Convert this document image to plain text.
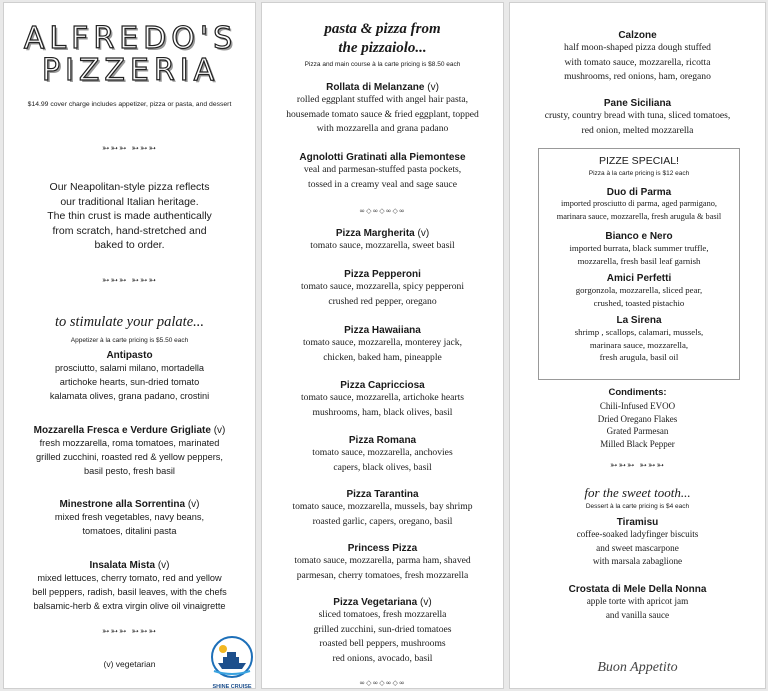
ALFREDO'S
PIZZERIA
$14.99 cover charge includes appetizer, pizza or pasta, and dessert
➳➳➳ ➳➳➳
Our Neapolitan-style pizza reflects
our traditional Italian heritage.
The thin crust is made authentically
from scratch, hand-stretched and
baked to order.
➳➳➳ ➳➳➳
to stimulate your palate...
Appetizer à la carte pricing is $5.50 each
Antipasto
prosciutto, salami milano, mortadella
artichoke hearts, sun-dried tomato
kalamata olives, grana padano, crostini
Mozzarella Fresca e Verdure Grigliate (v)
fresh mozzarella, roma tomatoes, marinated
grilled zucchini, roasted red & yellow peppers,
basil pesto, fresh basil
Minestrone alla Sorrentina (v)
mixed fresh vegetables, navy beans,
tomatoes, ditalini pasta
Insalata Mista (v)
mixed lettuces, cherry tomato, red and yellow
bell peppers, radish, basil leaves, with the chefs
balsamic-herb & extra virgin olive oil vinaigrette
➳➳➳ ➳➳➳
(v) vegetarian
SHINE CRUISE
pasta & pizza from
the pizzaiolo...
Pizza and main course à la carte pricing is $8.50 each
Rollata di Melanzane (v)
rolled eggplant stuffed with angel hair pasta,
housemade tomato sauce & fried eggplant, topped
with mozzarella and grana padano
Agnolotti Gratinati alla Piemontese
veal and parmesan-stuffed pasta pockets,
tossed in a creamy veal and sage sauce
∞◇∞◇∞◇∞
Pizza Margherita (v)
tomato sauce, mozzarella, sweet basil
Pizza Pepperoni
tomato sauce, mozzarella, spicy pepperoni
crushed red pepper, oregano
Pizza Hawaiiana
tomato sauce, mozzarella, monterey jack,
chicken, baked ham, pineapple
Pizza Capricciosa
tomato sauce, mozzarella, artichoke hearts
mushrooms, ham, black olives, basil
Pizza Romana
tomato sauce, mozzarella, anchovies
capers, black olives, basil
Pizza Tarantina
tomato sauce, mozzarella, mussels, bay shrimp
roasted garlic, capers, oregano, basil
Princess Pizza
tomato sauce, mozzarella, parma ham, shaved
parmesan, cherry tomatoes, fresh mozzarella
Pizza Vegetariana (v)
sliced tomatoes, fresh mozzarella
grilled zucchini, sun-dried tomatoes
roasted bell peppers, mushrooms
red onions, avocado, basil
∞◇∞◇∞◇∞
Calzone
half moon-shaped pizza dough stuffed
with tomato sauce, mozzarella, ricotta
mushrooms, red onions, ham, oregano
Pane Siciliana
crusty, country bread with tuna, sliced tomatoes,
red onion, melted mozzarella
PIZZE SPECIAL!
Pizza à la carte pricing is $12 each
Duo di Parma
imported prosciutto di parma, aged parmigano,
marinara sauce, mozzarella, fresh arugula & basil
Bianco e Nero
imported burrata, black summer truffle,
mozzarella, fresh basil leaf garnish
Amici Perfetti
gorgonzola, mozzarella, sliced pear,
crushed, toasted pistachio
La Sirena
shrimp , scallops, calamari, mussels,
marinara sauce, mozzarella,
fresh arugula, basil oil
Condiments:
Chili-Infused EVOO
Dried Oregano Flakes
Grated Parmesan
Milled Black Pepper
➳➳➳ ➳➳➳
for the sweet tooth...
Dessert à la carte pricing is $4 each
Tiramisu
coffee-soaked ladyfinger biscuits
and sweet mascarpone
with marsala zabaglione
Crostata di Mele Della Nonna
apple torte with apricot jam
and vanilla sauce
Buon Appetito
